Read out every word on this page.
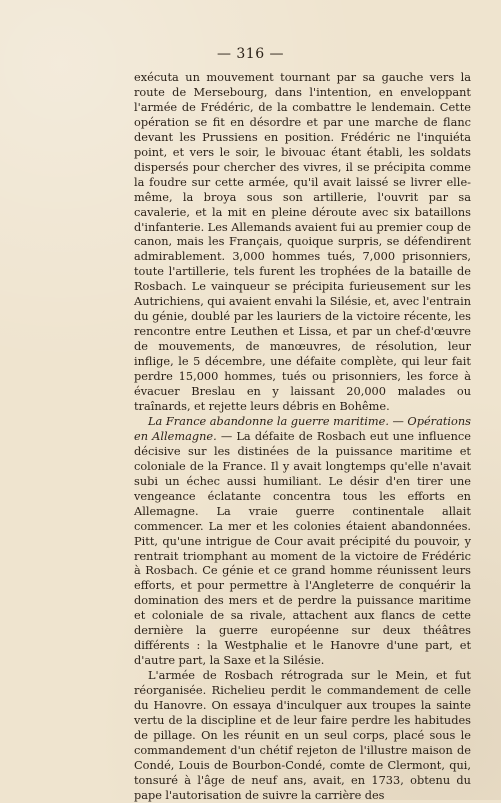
— 316 —

exécuta un mouvement tournant par sa gauche vers la route de Mersebourg, dans l'intention, en enveloppant l'armée de Frédéric, de la combattre le lendemain. Cette opération se fit en désordre et par une marche de flanc devant les Prussiens en position. Frédéric ne l'inquiéta point, et vers le soir, le bivouac étant établi, les soldats dispersés pour chercher des vivres, il se précipita comme la foudre sur cette armée, qu'il avait laissé se livrer elle-même, la broya sous son artillerie, l'ouvrit par sa cavalerie, et la mit en pleine déroute avec six bataillons d'infanterie. Les Allemands avaient fui au premier coup de canon, mais les Français, quoique surpris, se défendirent admirablement. 3,000 hommes tués, 7,000 prisonniers, toute l'artillerie, tels furent les trophées de la bataille de Rosbach. Le vainqueur se précipita furieusement sur les Autrichiens, qui avaient envahi la Silésie, et, avec l'entrain du génie, doublé par les lauriers de la victoire récente, les rencontre entre Leuthen et Lissa, et par un chef-d'œuvre de mouvements, de manœuvres, de résolution, leur inflige, le 5 décembre, une défaite complète, qui leur fait perdre 15,000 hommes, tués ou prisonniers, les force à évacuer Breslau en y laissant 20,000 malades ou traînards, et rejette leurs débris en Bohême.

La France abandonne la guerre maritime. — Opérations en Allemagne. — La défaite de Rosbach eut une influence décisive sur les distinées de la puissance maritime et coloniale de la France. Il y avait longtemps qu'elle n'avait subi un échec aussi humiliant. Le désir d'en tirer une vengeance éclatante concentra tous les efforts en Allemagne. La vraie guerre continentale allait commencer. La mer et les colonies étaient abandonnées. Pitt, qu'une intrigue de Cour avait précipité du pouvoir, y rentrait triomphant au moment de la victoire de Frédéric à Rosbach. Ce génie et ce grand homme réunissent leurs efforts, et pour permettre à l'Angleterre de conquérir la domination des mers et de perdre la puissance maritime et coloniale de sa rivale, attachent aux flancs de cette dernière la guerre européenne sur deux théâtres différents : la Westphalie et le Hanovre d'une part, et d'autre part, la Saxe et la Silésie.

L'armée de Rosbach rétrograda sur le Mein, et fut réorganisée. Richelieu perdit le commandement de celle du Hanovre. On essaya d'inculquer aux troupes la sainte vertu de la discipline et de leur faire perdre les habitudes de pillage. On les réunit en un seul corps, placé sous le commandement d'un chétif rejeton de l'illustre maison de Condé, Louis de Bourbon-Condé, comte de Clermont, qui, tonsuré à l'âge de neuf ans, avait, en 1733, obtenu du pape l'autorisation de suivre la carrière des
